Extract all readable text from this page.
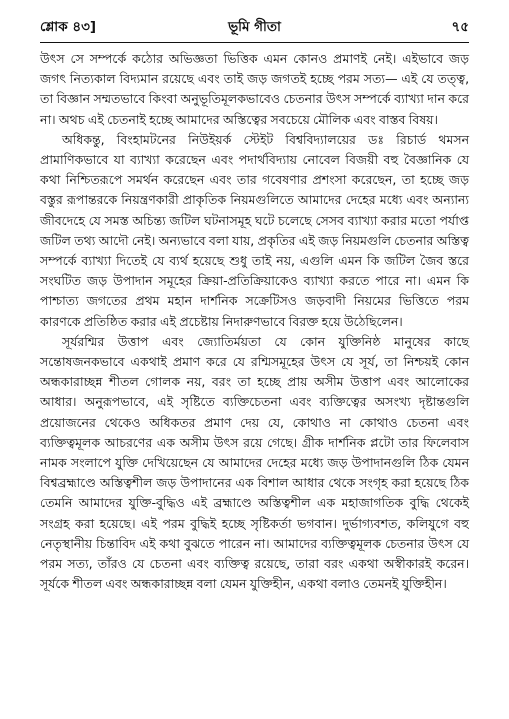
শ্লোক ৪৩]	ভূমি গীতা	৭৫

উৎস সে সম্পর্কে কঠোর অভিজ্ঞতা ভিত্তিক এমন কোনও প্রমাণই নেই। এইভাবে জড় জগৎ নিত্যকাল বিদ্যমান রয়েছে এবং তাই জড় জগতই হচ্ছে পরম সত্য— এই যে তত্ত্ব, তা বিজ্ঞান সম্মতভাবে কিংবা অনুভূতিমূলকভাবেও চেতনার উৎস সম্পর্কে ব্যাখ্যা দান করে না। অথচ এই চেতনাই হচ্ছে আমাদের অস্তিত্বের সবচেয়ে মৌলিক এবং বাস্তব বিষয়।

অধিকন্তু, বিংহামটনের নিউইয়র্ক স্টেইট বিশ্ববিদ্যালয়ের ডঃ রিচার্ড থমসন প্রামাণিকভাবে যা ব্যাখ্যা করেছেন এবং পদার্থবিদ্যায় নোবেল বিজয়ী বহু বৈজ্ঞানিক যে কথা নিশ্চিতরূপে সমর্থন করেছেন এবং তার গবেষণার প্রশংসা করেছেন, তা হচ্ছে জড় বস্তুর রূপান্তরকে নিয়ন্ত্রণকারী প্রাকৃতিক নিয়মগুলিতে আমাদের দেহের মধ্যে এবং অন্যান্য জীবদেহে যে সমস্ত অচিন্ত্য জটিল ঘটনাসমূহ ঘটে চলেছে সেসব ব্যাখ্যা করার মতো পর্যাপ্ত জটিল তথ্য আদৌ নেই। অন্যভাবে বলা যায়, প্রকৃতির এই জড় নিয়মগুলি চেতনার অস্তিত্ব সম্পর্কে ব্যাখ্যা দিতেই যে ব্যর্থ হয়েছে শুধু তাই নয়, এগুলি এমন কি জটিল জৈব স্তরে সংঘটিত জড় উপাদান সমূহের ক্রিয়া-প্রতিক্রিয়াকেও ব্যাখ্যা করতে পারে না। এমন কি পাশ্চাত্য জগতের প্রথম মহান দার্শনিক সক্রেটিসও জড়বাদী নিয়মের ভিত্তিতে পরম কারণকে প্রতিষ্ঠিত করার এই প্রচেষ্টায় নিদারুণভাবে বিরক্ত হয়ে উঠেছিলেন।

সূর্যরশ্মির উত্তাপ এবং জ্যোতির্ময়তা যে কোন যুক্তিনিষ্ঠ মানুষের কাছে সন্তোষজনকভাবে একথাই প্রমাণ করে যে রশ্মিসমূহের উৎস যে সূর্য, তা নিশ্চয়ই কোন অন্ধকারাচ্ছন্ন শীতল গোলক নয়, বরং তা হচ্ছে প্রায় অসীম উত্তাপ এবং আলোকের আধার। অনুরূপভাবে, এই সৃষ্টিতে ব্যক্তিচেতনা এবং ব্যক্তিত্বের অসংখ্য দৃষ্টান্তগুলি প্রয়োজনের থেকেও অধিকতর প্রমাণ দেয় যে, কোথাও না কোথাও চেতনা এবং ব্যক্তিত্বমূলক আচরণের এক অসীম উৎস রয়ে গেছে। গ্রীক দার্শনিক প্লটো তার ফিলেবাস নামক সংলাপে যুক্তি দেখিয়েছেন যে আমাদের দেহের মধ্যে জড় উপাদানগুলি ঠিক যেমন বিশ্বব্রহ্মাণ্ডে অস্তিত্বশীল জড় উপাদানের এক বিশাল আধার থেকে সংগৃহ করা হয়েছে ঠিক তেমনি আমাদের যুক্তি-বুদ্ধিও এই ব্রহ্মাণ্ডে অস্তিত্বশীল এক মহাজাগতিক বুদ্ধি থেকেই সংগ্রহ করা হয়েছে। এই পরম বুদ্ধিই হচ্ছে সৃষ্টিকর্তা ভগবান। দুর্ভাগ্যবশত, কলিযুগে বহু নেতৃস্থানীয় চিন্তাবিদ এই কথা বুঝতে পারেন না। আমাদের ব্যক্তিত্বমূলক চেতনার উৎস যে পরম সত্য, তাঁরও যে চেতনা এবং ব্যক্তিত্ব রয়েছে, তারা বরং একথা অস্বীকারই করেন। সূর্যকে শীতল এবং অন্ধকারাচ্ছন্ন বলা যেমন যুক্তিহীন, একথা বলাও তেমনই যুক্তিহীন।
